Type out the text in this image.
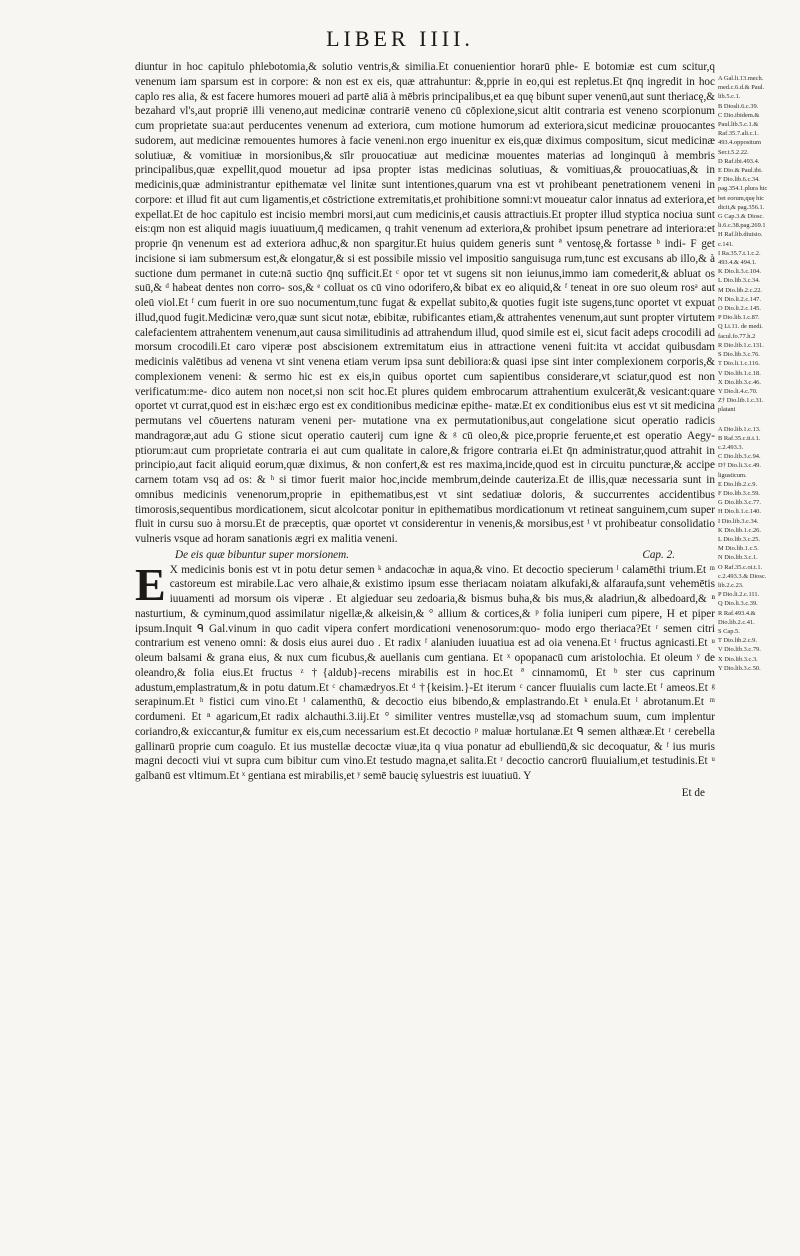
LIBER IIII.

diuntur in hoc capitulo phlebotomia,& solutio ventris,& similia.Et conuenientior horarū phle- E botomiæ est cum scitur,q venenum iam sparsum est in corpore: & non est ex eis, quæ attrahuntur: &,pprie in eo,qui est repletus.Et q̄nq ingredit in hoc caplo res alia, & est facere humores moueri ad partē aliā à mēbris principalibus,et ea quę bibunt super venenū,aut sunt theriacę,& bezahard vl's,aut propriē illi veneno,aut medicinæ contrariē veneno cū cōplexione,sicut altit contraria est veneno scorpionum cum proprietate sua:aut perducentes venenum ad exteriora, cum motione humorum ad exteriora,sicut medicinæ prouocantes sudorem, aut medicinæ remouentes humores à facie veneni.non ergo inuenitur ex eis,quæ diximus compositum, sicut medicinæ solutiuæ, & vomitiuæ in morsionibus,& sīlr prouocatiuæ aut medicinæ mouentes materias ad longinquū à membris principalibus,quæ expellit,quod mouetur ad ipsa propter istas medicinas solutiuas, & vomitiuas,& prouocatiuas,& in medicinis,quæ administrantur epithematæ vel linitæ sunt intentiones,quarum vna est vt prohibeant penetrationem veneni in corpore: et illud fit aut cum ligamentis,et cōstrictione extremitatis,et prohibitione somni:vt moueatur calor innatus ad exteriora,et expellat.Et de hoc capitulo est incisio membri morsi,aut cum medicinis,et causis attractiuis.Et propter illud styptica nociua sunt eis:qm non est aliquid magis iuuatiuum,q̄ medicamen, q trahit venenum ad exteriora,& prohibet ipsum penetrare ad interiora:et proprie q̄n venenum est ad exteriora adhuc,& non spargitur.Et huius quidem generis sunt ª ventosę,& fortasse ᵇ indi- F get incisione si iam submersum est,& elongatur,& si est possibile missio vel impositio sanguisuga rum,tunc est excusans ab illo,& à suctione dum permanet in cute:nā suctio q̄nq sufficit.Et ᶜ opor tet vt sugens sit non ieiunus,immo iam comederit,& abluat os suū,& ᵈ habeat dentes non corro- sos,& ᵉ colluat os cū vino odorifero,& bibat ex eo aliquid,& ᶠ teneat in ore suo oleum rosᵃ aut oleū viol.Et ᶠ cum fuerit in ore suo nocumentum,tunc fugat & expellat subito,& quoties fugit iste sugens,tunc oportet vt expuat illud,quod fugit.Medicinæ vero,quæ sunt sicut notæ, ebibitæ, rubificantes etiam,& attrahentes venenum,aut sunt propter virtutem calefacientem attrahentem venenum,aut causa similitudinis ad attrahendum illud, quod simile est ei, sicut facit adeps crocodili ad morsum crocodili.Et caro viperæ post abscisionem extremitatum eius in attractione veneni fuit:ita vt accidat quibusdam medicinis valētibus ad venena vt sint venena etiam verum ipsa sunt debiliora:& quasi ipse sint inter complexionem corporis,& complexionem veneni: & sermo hic est ex eis,in quibus oportet cum sapientibus considerare,vt sciatur,quod est non verificatum:me- dico autem non nocet,si non scit hoc.Et plures quidem embrocarum attrahentium exulcerāt,& vesicant:quare oportet vt currat,quod est in eis:hæc ergo est ex conditionibus medicinæ epithe- matæ.Et ex conditionibus eius est vt sit medicina permutans vel cōuertens naturam veneni per- mutatione vna ex permutationibus,aut congelatione sicut operatio radicis mandragoræ,aut adu G stione sicut operatio cauterij cum igne & ᵍ cū oleo,& pice,proprie feruente,et est operatio Aegy- ptiorum:aut cum proprietate contraria ei aut cum qualitate in calore,& frigore contraria ei.Et q̄n administratur,quod attrahit in principio,aut facit aliquid eorum,quæ diximus, & non confert,& est res maxima,incide,quod est in circuitu puncturæ,& accipe carnem totam vsq ad os: & ʰ si timor fuerit maior hoc,incide membrum,deinde cauteriza.Et de illis,quæ necessaria sunt in omnibus medicinis venenorum,proprie in epithematibus,est vt sint sedatiuæ doloris, & succurrentes accidentibus timorosis,sequentibus mordicationem, sicut alcolcotar ponitur in epithematibus mordicationum vt retineat sanguinem,cum super fluit in cursu suo à morsu.Et de præceptis, quæ oportet vt considerentur in venenis,& morsibus,est ⁱ vt prohibeatur consolidatio vulneris vsque ad horam sanationis ægri ex malitia veneni.

De eis quæ bibuntur super morsionem.	Cap. 2.

E X medicinis bonis est vt in potu detur semen ᵏ andacochæ in aqua,& vino. Et decoctio specierum ˡ calamēthi trium.Et ᵐ castoreum est mirabile.Lac vero alhaie,& existimo ipsum esse theriacam noiatam alkufaki,& alfaraufa,sunt vehemētis iuuamenti ad morsum ois viperæ . Et algieduar seu zedoaria,& bismus buha,& bis mus,& aladriun,& albedoard,& ⁿ nasturtium, & cyminum,quod assimilatur nigellæ,& alkeisin,& ° allium & cortices,& ᵖ folia iuniperi cum pipere, H et piper ipsum.Inquit ᑫ Gal.vinum in quo cadit vipera confert mordicationi venenosorum:quo- modo ergo theriaca?Et ʳ semen citri contrarium est veneno omni: & dosis eius aurei duo . Et radix ᶠ alaniuden iuuatiua est ad oia venena.Et ᵗ fructus agnicasti.Et ᵘ oleum balsami & grana eius, & nux cum ficubus,& auellanis cum gentiana. Et ˣ opopanacū cum aristolochia. Et oleum ʸ de oleandro,& folia eius.Et fructus ᶻ †{aldub}-recens mirabilis est in hoc.Et ª cinnamomū, Et ᵇ ster cus caprinum adustum,emplastratum,& in potu datum.Et ᶜ chamædryos.Et ᵈ †{keisim.}-Et iterum ᶜ cancer fluuialis cum lacte.Et ᶠ ameos.Et ᵍ serapinum.Et ʰ fistici cum vino.Et ⁱ calamenthū, & decoctio eius bibendo,& emplastrando.Et ᵏ enula.Et ˡ abrotanum.Et ᵐ cordumeni. Et ⁿ agaricum,Et radix alchauthi.3.iij.Et ° similiter ventres mustellæ,vsq ad stomachum suum, cum implentur coriandro,& exiccantur,& fumitur ex eis,cum necessarium est.Et decoctio ᵖ maluæ hortulanæ.Et ᑫ semen althææ.Et ʳ cerebella gallinarū proprie cum coagulo. Et ius mustellæ decoctæ viuæ,ita q viua ponatur ad ebulliendū,& sic decoquatur, & ᶠ ius muris magni decocti viui vt supra cum bibitur cum vino.Et testudo magna,et salita.Et ʳ decoctio cancrorū fluuialium,et testudinis.Et ᵘ galbanū est vltimum.Et ˣ gentiana est mirabilis,et ʸ semē baucię syluestris est iuuatiuū. Y

Et de
A Gal.li.13.mech.
med.c.6.d.& Paul.
lib.5.c.1.
B Diosli.6.c.39.
C Dio.ibidem.&
Paul.lib.5.c.1.&
Raf.35.7.ali.c.1.
493.4.oppositum
Ser.t.5.2.22.
D Raf.ibi.493.4.
E Dio.& Paul.ibi.
F Dio.lib.6.c.34.
pag.354.1.plura hic
bet eorum,quę hic
dicit,& pag.356.1.
G Cap.3.& Diosc.
li.6.c.38.pag.269.1
H Raf.lib.diuisio.
c.141.
I Ra.35.7.t.1.c.2.
493.4.& 494.1.
K Dio.li.3.c.104.
L Dio.lib.3.c.34.
M Dio.lib.2.c.22.
N Dio.li.2.c.147.
O Dio.li.2.c.145.
P Dio.lib.1.c.87.
Q Li.11. de medi.
facul.fo.77.h.2
R Dio.lib.1.c.131.
S Dio.lib.3.c.76.
T Dio.li.1.c.116.
V Dio.lib.1.c.18.
X Dio.lib.3.c.46.
Y Dio.li.4.c.70.
Z† Dio.lib.1.c.31.
platani
A Dio.lib.1.c.13.
B Raf.35.c.ti.t.1.
c.2.493.3.
C Dio.lib.3.c.94.
D† Dio.li.3.c.49.
ligusticum.
E Dio.lib.2.c.9.
F Dio.lib.3.c.59.
G Dio.lib.3.c.77.
H Dio.li.1.c.140.
I Dio.lib.3.c.34.
K Dio.lib.1.c.26.
L Dio.lib.3.c.25.
M Dio.lib.1.c.5.
N Dio.lib.3.c.1.
O Raf.35.c.oi.t.1.
c.2.493.3.& Diosc.
lib.2.c.23.
P Dio.li.2.c.111.
Q Dio.li.3.c.39.
R Raf.493.4.&
Dio.lib.2.c.41.
S Cap.5.
T Dio.lib.2.c.9.
V Dio.lib.3.c.79.
X Dio.lib.3.c.3.
Y Dio.lib.3.c.50.
